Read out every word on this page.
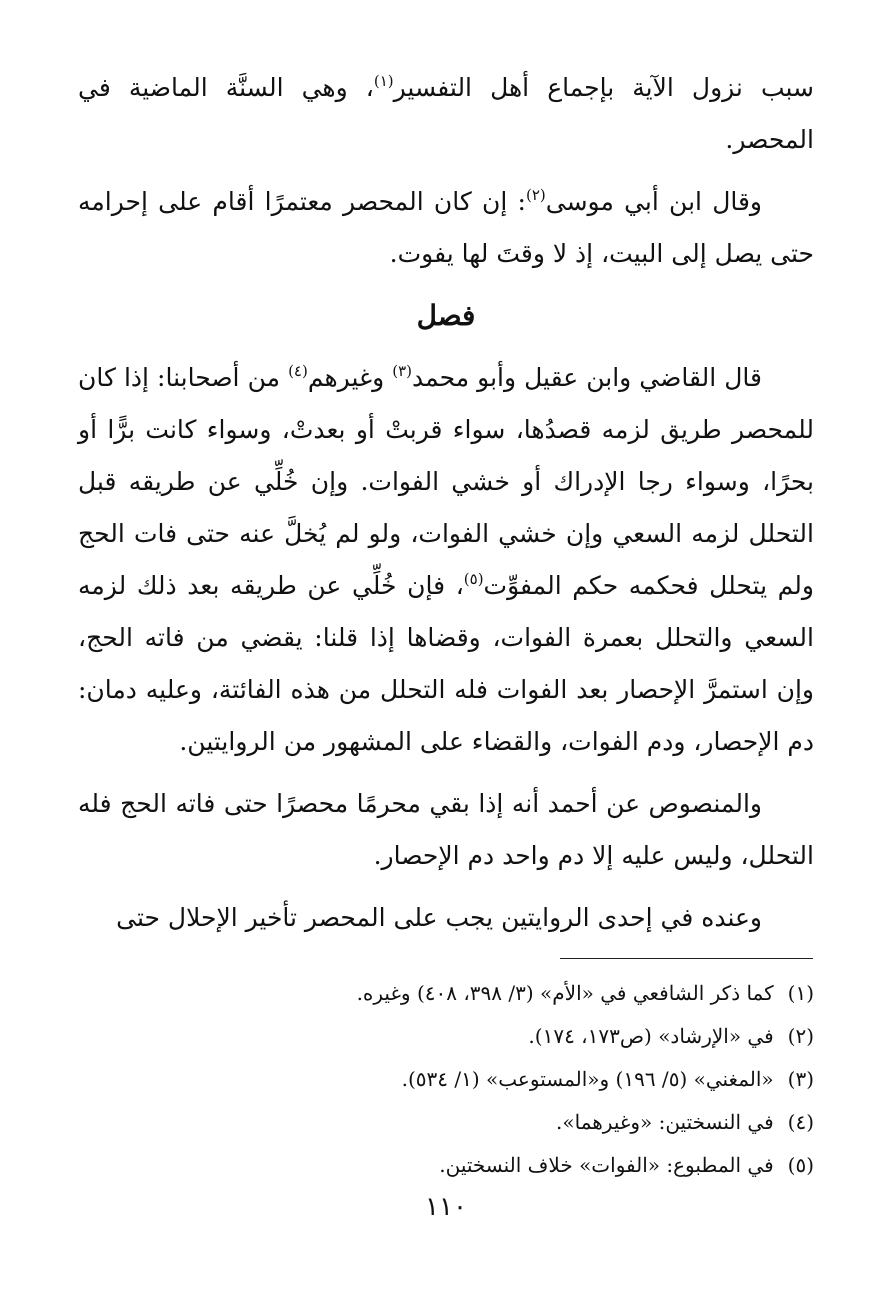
سبب نزول الآية بإجماع أهل التفسير$^{(١)}$، وهي السنَّة الماضية في المحصر.

وقال ابن أبي موسى$^{(٢)}$: إن كان المحصر معتمرًا أقام على إحرامه حتى يصل إلى البيت، إذ لا وقتَ لها يفوت.

فصل

قال القاضي وابن عقيل وأبو محمد$^{(٣)}$ وغيرهم$^{(٤)}$ من أصحابنا: إذا كان للمحصر طريق لزمه قصدُها، سواء قربتْ أو بعدتْ، وسواء كانت برًّا أو بحرًا، وسواء رجا الإدراك أو خشي الفوات. وإن خُلِّي عن طريقه قبل التحلل لزمه السعي وإن خشي الفوات، ولو لم يُخلَّ عنه حتى فات الحج ولم يتحلل فحكمه حكم المفوِّت$^{(٥)}$، فإن خُلِّي عن طريقه بعد ذلك لزمه السعي والتحلل بعمرة الفوات، وقضاها إذا قلنا: يقضي من فاته الحج، وإن استمرَّ الإحصار بعد الفوات فله التحلل من هذه الفائتة، وعليه دمان: دم الإحصار، ودم الفوات، والقضاء على المشهور من الروايتين.

والمنصوص عن أحمد أنه إذا بقي محرمًا محصرًا حتى فاته الحج فله التحلل، وليس عليه إلا دم واحد دم الإحصار.

وعنده في إحدى الروايتين يجب على المحصر تأخير الإحلال حتى

(١) كما ذكر الشافعي في «الأم» (٣/ ٣٩٨، ٤٠٨) وغيره.
(٢) في «الإرشاد» (ص١٧٣، ١٧٤).
(٣) «المغني» (٥/ ١٩٦) و«المستوعب» (١/ ٥٣٤).
(٤) في النسختين: «وغيرهما».
(٥) في المطبوع: «الفوات» خلاف النسختين.
١١٠
